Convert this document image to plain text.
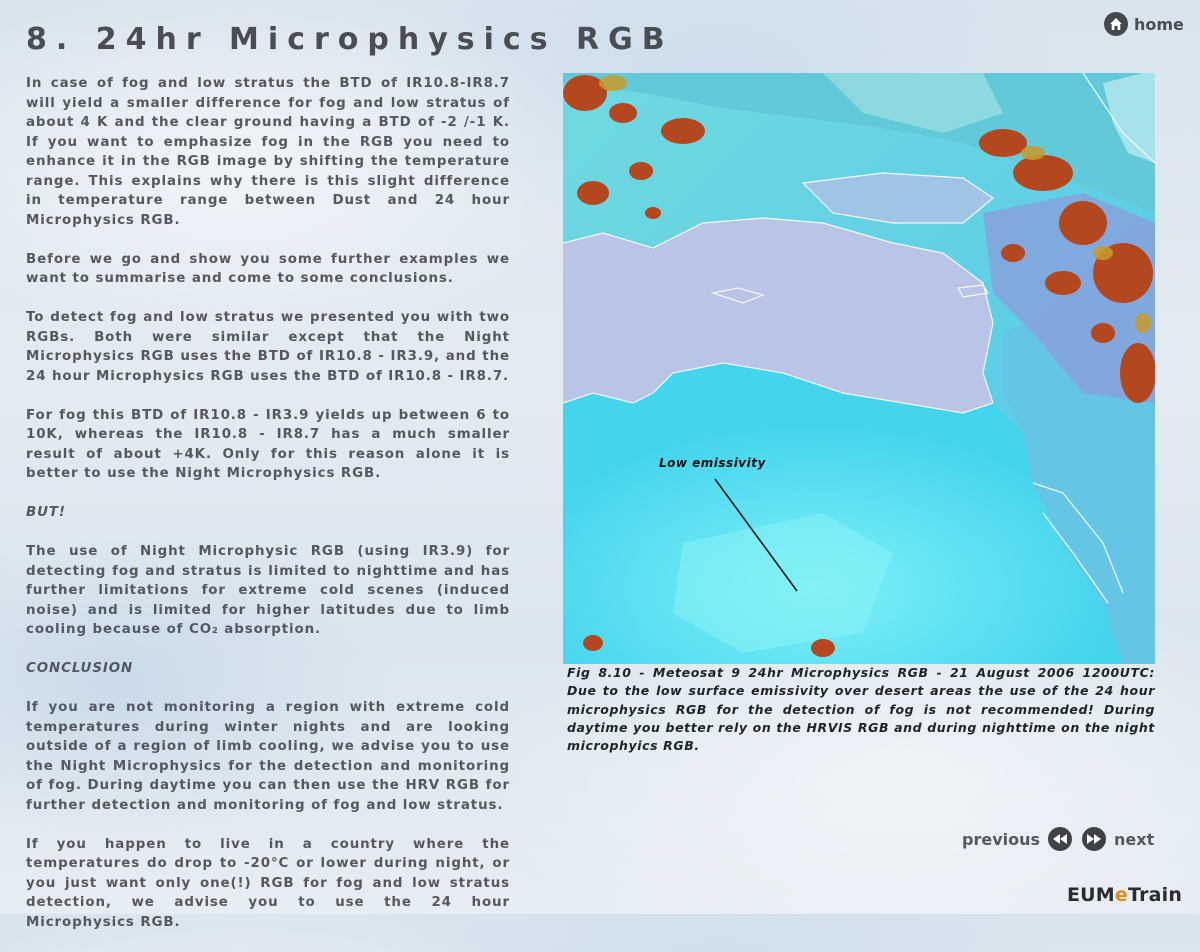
8. 24hr Microphysics RGB	home

In case of fog and low stratus the BTD of IR10.8-IR8.7 will yield a smaller difference for fog and low stratus of about 4 K and the clear ground having a BTD of -2 /-1 K. If you want to emphasize fog in the RGB you need to enhance it in the RGB image by shifting the temperature range. This explains why there is this slight difference in temperature range between Dust and 24 hour Microphysics RGB.

Before we go and show you some further examples we want to summarise and come to some conclusions.

To detect fog and low stratus we presented you with two RGBs. Both were similar except that the Night Microphysics RGB uses the BTD of IR10.8 - IR3.9, and the 24 hour Microphysics RGB uses the BTD of IR10.8 - IR8.7.

For fog this BTD of IR10.8 - IR3.9 yields up between 6 to 10K, whereas the IR10.8 - IR8.7 has a much smaller result of about +4K. Only for this reason alone it is better to use the Night Microphysics RGB.

BUT!

The use of Night Microphysic RGB (using IR3.9) for detecting fog and stratus is limited to nighttime and has further limitations for extreme cold scenes (induced noise) and is limited for higher latitudes due to limb cooling because of CO₂ absorption.

CONCLUSION

If you are not monitoring a region with extreme cold temperatures during winter nights and are looking outside of a region of limb cooling, we advise you to use the Night Microphysics for the detection and monitoring of fog. During daytime you can then use the HRV RGB for further detection and monitoring of fog and low stratus.

If you happen to live in a country where the temperatures do drop to -20°C or lower during night, or you just want only one(!) RGB for fog and low stratus detection, we advise you to use the 24 hour Microphysics RGB.

Low emissivity
Fig 8.10 - Meteosat 9 24hr Microphysics RGB - 21 August 2006 1200UTC: Due to the low surface emissivity over desert areas the use of the 24 hour microphysics RGB for the detection of fog is not recommended! During daytime you better rely on the HRVIS RGB and during nighttime on the night microphyics RGB.
previous	next
EUMeTrain
